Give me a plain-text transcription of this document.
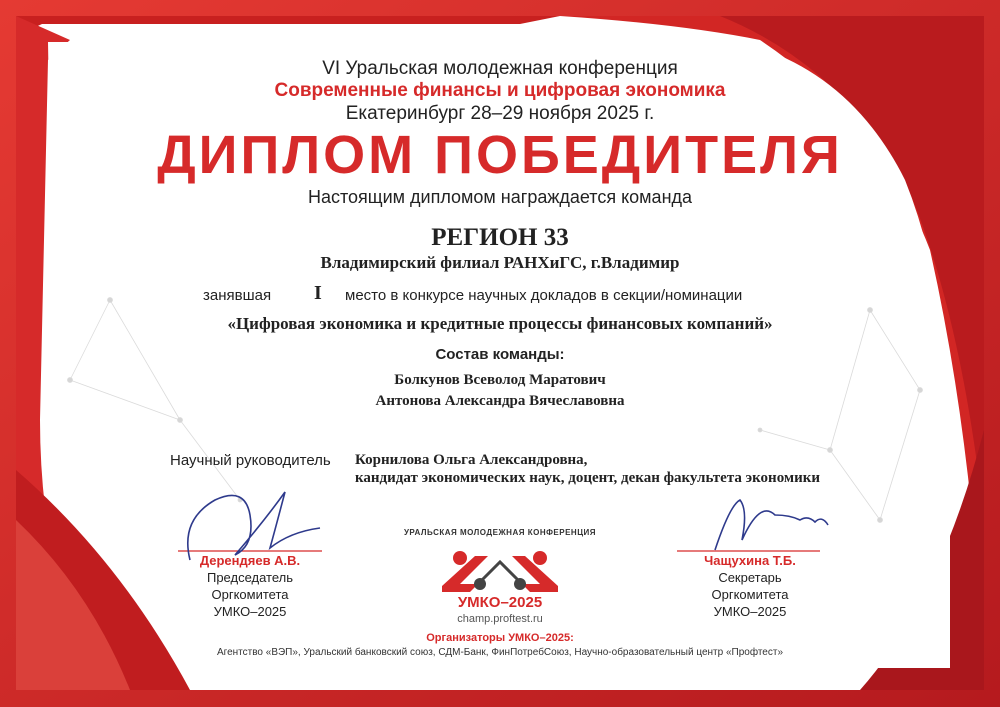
VI Уральская молодежная конференция

Современные финансы и цифровая экономика

Екатеринбург 28–29 ноября 2025 г.

ДИПЛОМ ПОБЕДИТЕЛЯ

Настоящим дипломом награждается команда

РЕГИОН 33

Владимирский филиал РАНХиГС, г.Владимир

занявшая I место в конкурсе научных докладов в секции/номинации

«Цифровая экономика и кредитные процессы финансовых компаний»

Состав команды:

Болкунов Всеволод Маратович

Антонова Александра Вячеславовна

Научный руководитель Корнилова Ольга Александровна,

кандидат экономических наук, доцент, декан факультета экономики

Дерендяев А.В.

Председатель

Оргкомитета

УМКО–2025

Чащухина Т.Б.

Секретарь

Оргкомитета

УМКО–2025

УРАЛЬСКАЯ МОЛОДЕЖНАЯ КОНФЕРЕНЦИЯ

УМКО–2025

champ.proftest.ru

Организаторы УМКО–2025:

Агентство «ВЭП», Уральский банковский союз, СДМ-Банк, ФинПотребСоюз, Научно-образовательный центр «Профтест»
